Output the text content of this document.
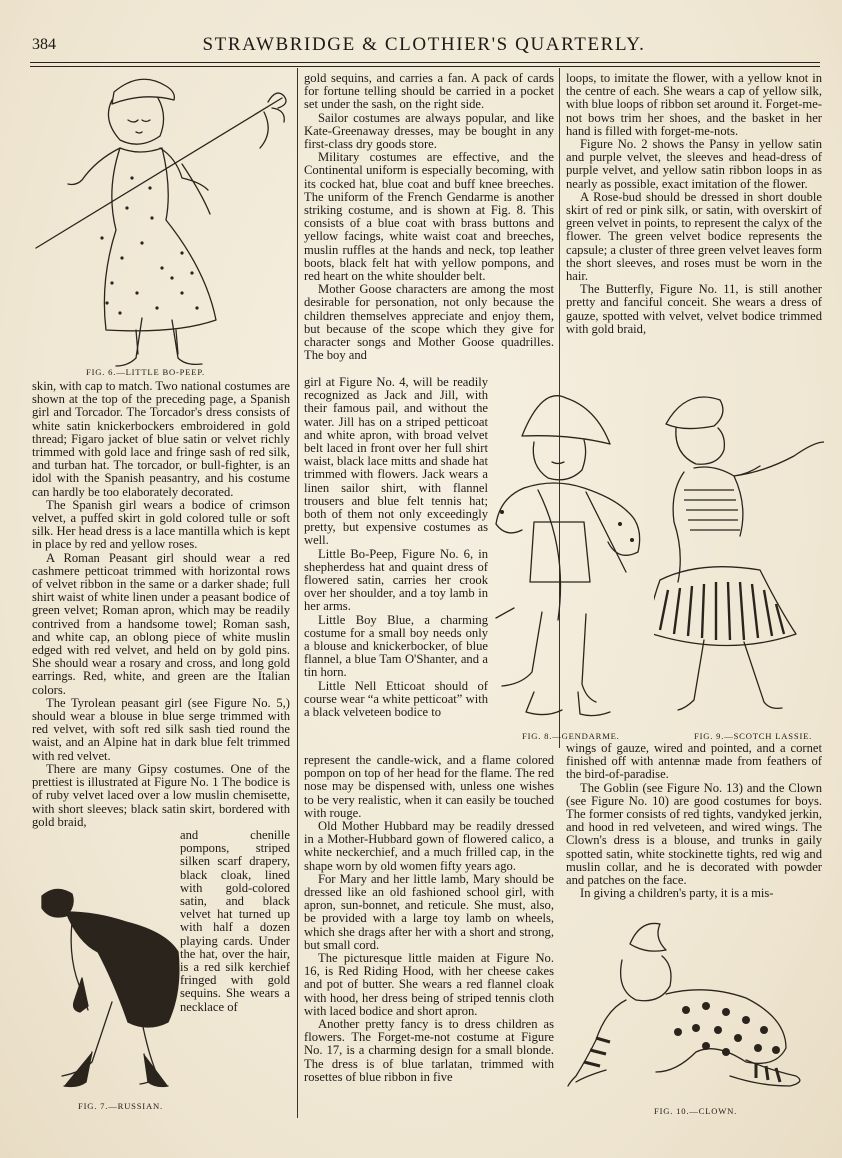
384	STRAWBRIDGE & CLOTHIER'S QUARTERLY.
FIG. 6.—LITTLE BO-PEEP.

skin, with cap to match. Two national costumes are shown at the top of the preceding page, a Spanish girl and Torcador. The Torcador's dress consists of white satin knickerbockers embroidered in gold thread; Figaro jacket of blue satin or velvet richly trimmed with gold lace and fringe sash of red silk, and turban hat. The torcador, or bull-fighter, is an idol with the Spanish peasantry, and his costume can hardly be too elaborately decorated.

The Spanish girl wears a bodice of crimson velvet, a puffed skirt in gold colored tulle or soft silk. Her head dress is a lace mantilla which is kept in place by red and yellow roses.

A Roman Peasant girl should wear a red cashmere petticoat trimmed with horizontal rows of velvet ribbon in the same or a darker shade; full shirt waist of white linen under a peasant bodice of green velvet; Roman apron, which may be readily contrived from a handsome towel; Roman sash, and white cap, an oblong piece of white muslin edged with red velvet, and held on by gold pins. She should wear a rosary and cross, and long gold earrings. Red, white, and green are the Italian colors.

The Tyrolean peasant girl (see Figure No. 5,) should wear a blouse in blue serge trimmed with red velvet, with soft red silk sash tied round the waist, and an Alpine hat in dark blue felt trimmed with red velvet.

There are many Gipsy costumes. One of the prettiest is illustrated at Figure No. 1 The bodice is of ruby velvet laced over a low muslin chemisette, with short sleeves; black satin skirt, bordered with gold braid,

and chenille pompons, striped silken scarf drapery, black cloak, lined with gold-colored satin, and black velvet hat turned up with half a dozen playing cards. Under the hat, over the hair, is a red silk kerchief fringed with gold sequins. She wears a necklace of

FIG. 7.—RUSSIAN.

gold sequins, and carries a fan. A pack of cards for fortune telling should be carried in a pocket set under the sash, on the right side.

Sailor costumes are always popular, and like Kate-Greenaway dresses, may be bought in any first-class dry goods store.

Military costumes are effective, and the Continental uniform is especially becoming, with its cocked hat, blue coat and buff knee breeches. The uniform of the French Gendarme is another striking costume, and is shown at Fig. 8. This consists of a blue coat with brass buttons and yellow facings, white waist coat and breeches, muslin ruffles at the hands and neck, top leather boots, black felt hat with yellow pompons, and red heart on the white shoulder belt.

Mother Goose characters are among the most desirable for personation, not only because the children themselves appreciate and enjoy them, but because of the scope which they give for character songs and Mother Goose quadrilles. The boy and

girl at Figure No. 4, will be readily recognized as Jack and Jill, with their famous pail, and without the water. Jill has on a striped petticoat and white apron, with broad velvet belt laced in front over her full shirt waist, black lace mitts and shade hat trimmed with flowers. Jack wears a linen sailor shirt, with flannel trousers and blue felt tennis hat; both of them not only exceedingly pretty, but expensive costumes as well.

Little Bo-Peep, Figure No. 6, in shepherdess hat and quaint dress of flowered satin, carries her crook over her shoulder, and a toy lamb in her arms.

Little Boy Blue, a charming costume for a small boy needs only a blouse and knickerbocker, of blue flannel, a blue Tam O'Shanter, and a tin horn.

Little Nell Etticoat should of course wear “a white petticoat” with a black velveteen bodice to

represent the candle-wick, and a flame colored pompon on top of her head for the flame. The red nose may be dispensed with, unless one wishes to be very realistic, when it can easily be touched with rouge.

Old Mother Hubbard may be readily dressed in a Mother-Hubbard gown of flowered calico, a white neckerchief, and a much frilled cap, in the shape worn by old women fifty years ago.

For Mary and her little lamb, Mary should be dressed like an old fashioned school girl, with apron, sun-bonnet, and reticule. She must, also, be provided with a large toy lamb on wheels, which she drags after her with a short and strong, but small cord.

The picturesque little maiden at Figure No. 16, is Red Riding Hood, with her cheese cakes and pot of butter. She wears a red flannel cloak with hood, her dress being of striped tennis cloth with laced bodice and short apron.

Another pretty fancy is to dress children as flowers. The Forget-me-not costume at Figure No. 17, is a charming design for a small blonde. The dress is of blue tarlatan, trimmed with rosettes of blue ribbon in five

FIG. 8.—GENDARME.	FIG. 9.—SCOTCH LASSIE.

loops, to imitate the flower, with a yellow knot in the centre of each. She wears a cap of yellow silk, with blue loops of ribbon set around it. Forget-me-not bows trim her shoes, and the basket in her hand is filled with forget-me-nots.

Figure No. 2 shows the Pansy in yellow satin and purple velvet, the sleeves and head-dress of purple velvet, and yellow satin ribbon loops in as nearly as possible, exact imitation of the flower.

A Rose-bud should be dressed in short double skirt of red or pink silk, or satin, with overskirt of green velvet in points, to represent the calyx of the flower. The green velvet bodice represents the capsule; a cluster of three green velvet leaves form the short sleeves, and roses must be worn in the hair.

The Butterfly, Figure No. 11, is still another pretty and fanciful conceit. She wears a dress of gauze, spotted with velvet, velvet bodice trimmed with gold braid,

wings of gauze, wired and pointed, and a cornet finished off with antennæ made from feathers of the bird-of-paradise.

The Goblin (see Figure No. 13) and the Clown (see Figure No. 10) are good costumes for boys. The former consists of red tights, vandyked jerkin, and hood in red velveteen, and wired wings. The Clown's dress is a blouse, and trunks in gaily spotted satin, white stockinette tights, red wig and muslin collar, and he is decorated with powder and patches on the face.

In giving a children's party, it is a mis-

FIG. 10.—CLOWN.
